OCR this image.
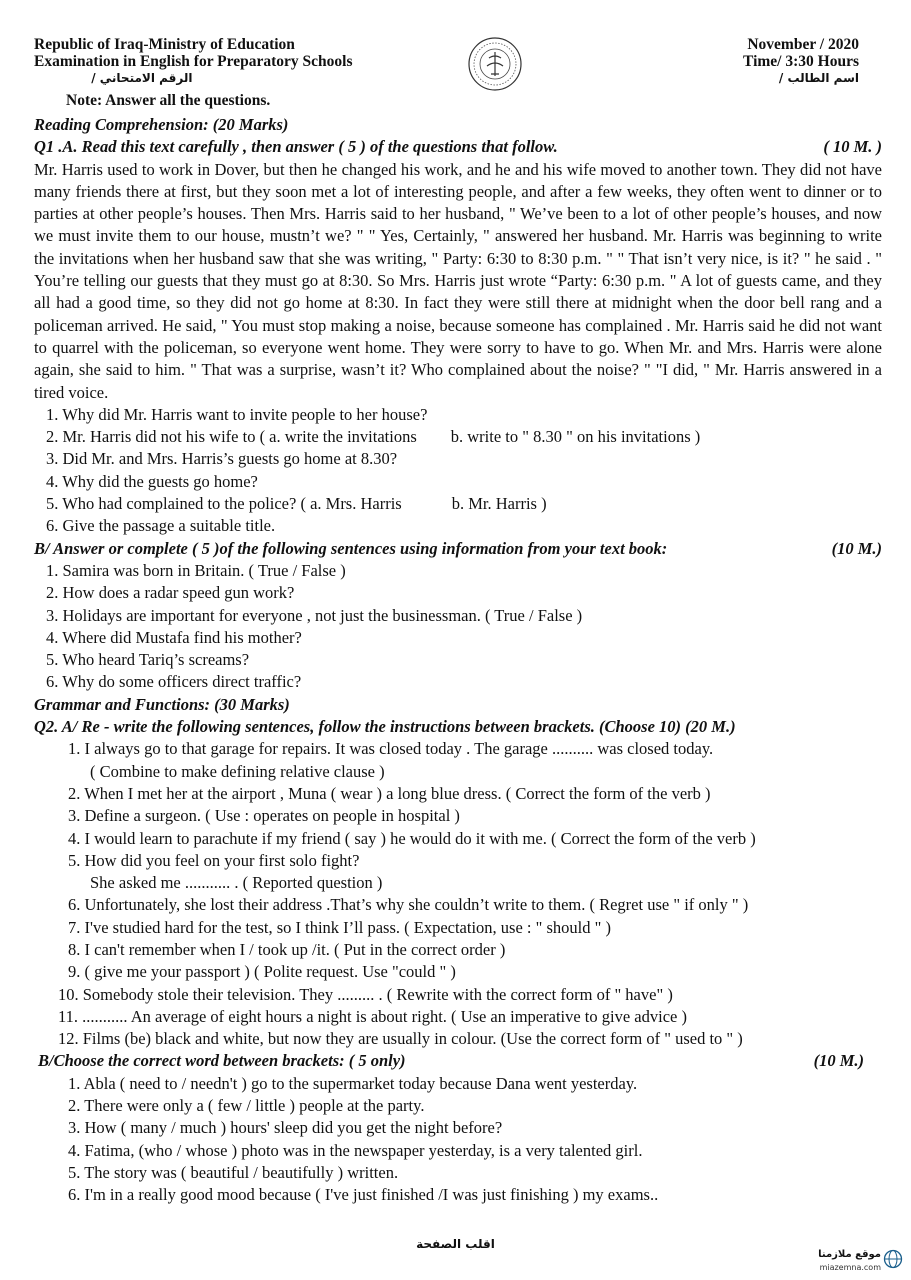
Republic of Iraq-Ministry of Education
Examination in English for Preparatory Schools
الرقم الامتحاني /
November / 2020
Time/ 3:30 Hours
اسم الطالب /
Note: Answer all the questions.
Reading Comprehension: (20 Marks)
Q1 .A. Read this text carefully , then answer ( 5 ) of the questions that follow.	( 10 M. )
Mr. Harris used to work in Dover, but then he changed his work, and he and his wife moved to another town. They did not have many friends there at first, but they soon met a lot of interesting people, and after a few weeks, they often went to dinner or to parties at other people’s houses. Then Mrs. Harris said to her husband, " We’ve been to a lot of other people’s houses, and now we must invite them to our house, mustn’t we? " " Yes, Certainly, " answered her husband. Mr. Harris was beginning to write the invitations when her husband saw that she was writing, " Party: 6:30 to 8:30 p.m. " " That isn’t very nice, is it? " he said . " You’re telling our guests that they must go at 8:30. So Mrs. Harris just wrote “Party: 6:30 p.m. " A lot of guests came, and they all had a good time, so they did not go home at 8:30. In fact they were still there at midnight when the door bell rang and a policeman arrived. He said, " You must stop making a noise, because someone has complained . Mr. Harris said he did not want to quarrel with the policeman, so everyone went home. They were sorry to have to go. When Mr. and Mrs. Harris were alone again, she said to him. " That was a surprise, wasn’t it? Who complained about the noise? " "I did, " Mr. Harris answered in a tired voice.
1. Why did Mr. Harris want to invite people to her house?
2. Mr. Harris did not his wife to ( a. write the invitations b. write to " 8.30 " on his invitations )
3. Did Mr. and Mrs. Harris’s guests go home at 8.30?
4. Why did the guests go home?
5. Who had complained to the police? ( a. Mrs. Harris	b. Mr. Harris )
6. Give the passage a suitable title.
B/ Answer or complete ( 5 )of the following sentences using information from your text book:	(10 M.)
1. Samira was born in Britain. ( True / False )
2. How does a radar speed gun work?
3. Holidays are important for everyone , not just the businessman. ( True / False )
4. Where did Mustafa find his mother?
5. Who heard Tariq’s screams?
6. Why do some officers direct traffic?
Grammar and Functions: (30 Marks)
Q2. A/ Re - write the following sentences, follow the instructions between brackets. (Choose 10) (20 M.)
1. I always go to that garage for repairs. It was closed today . The garage .......... was closed today.
( Combine to make defining relative clause )
2. When I met her at the airport , Muna ( wear ) a long blue dress. ( Correct the form of the verb )
3. Define a surgeon. ( Use : operates on people in hospital )
4. I would learn to parachute if my friend ( say ) he would do it with me. ( Correct the form of the verb )
5. How did you feel on your first solo fight?
She asked me ........... . ( Reported question )
6. Unfortunately, she lost their address .That’s why she couldn’t write to them. ( Regret use " if only " )
7. I've studied hard for the test, so I think I’ll pass. ( Expectation, use : " should " )
8. I can't remember when I / took up /it. ( Put in the correct order )
9. ( give me your passport ) ( Polite request. Use "could " )
10. Somebody stole their television. They ......... . ( Rewrite with the correct form of " have" )
11. ........... An average of eight hours a night is about right. ( Use an imperative to give advice )
12. Films (be) black and white, but now they are usually in colour. (Use the correct form of " used to " )
B/Choose the correct word between brackets: ( 5 only)	(10 M.)
1. Abla ( need to / needn't ) go to the supermarket today because Dana went yesterday.
2. There were only a ( few / little ) people at the party.
3. How ( many / much ) hours' sleep did you get the night before?
4. Fatima, (who / whose ) photo was in the newspaper yesterday, is a very talented girl.
5. The story was ( beautiful / beautifully ) written.
6. I'm in a really good mood because ( I've just finished /I was just finishing ) my exams..
اقلب الصفحة
موقع ملازمنا
miazemna.com
